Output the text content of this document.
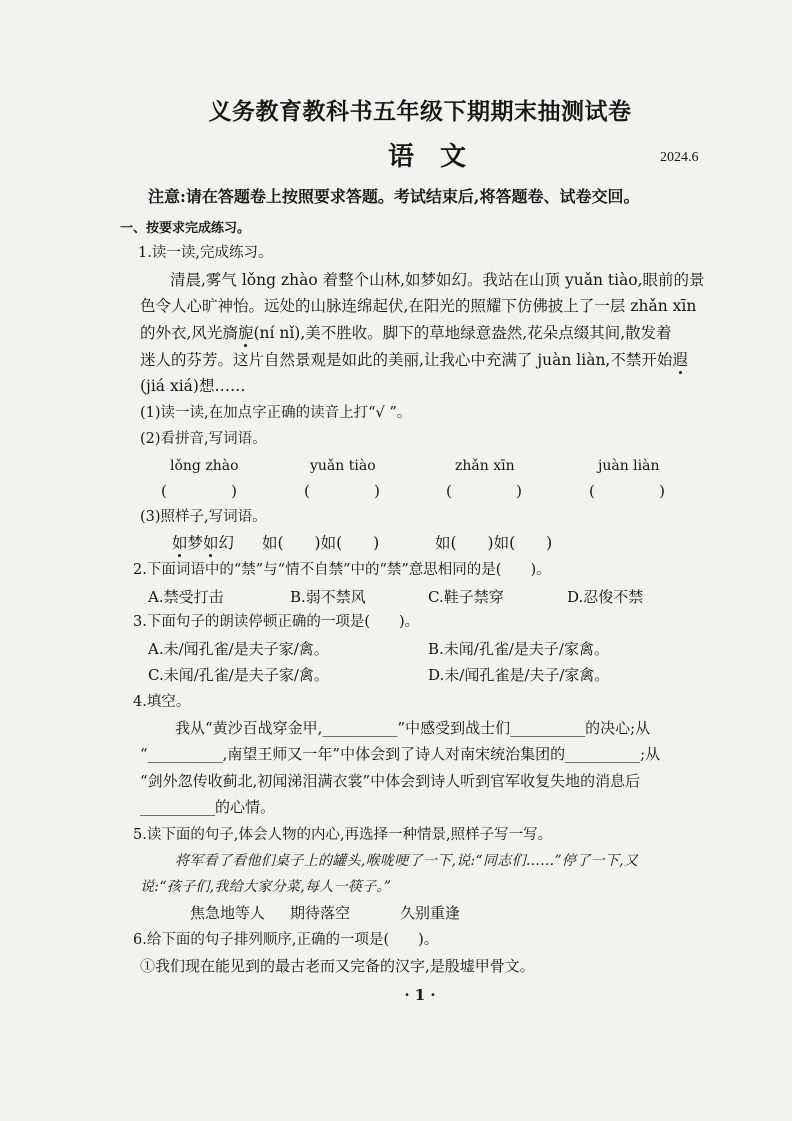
义务教育教科书五年级下期期末抽测试卷
语　文	2024.6
注意:请在答题卷上按照要求答题。考试结束后,将答题卷、试卷交回。
一、按要求完成练习。
1.读一读,完成练习。
清晨,雾气 lǒng zhào 着整个山林,如梦如幻。我站在山顶 yuǎn tiào,眼前的景
色令人心旷神怡。远处的山脉连绵起伏,在阳光的照耀下仿佛披上了一层 zhǎn xīn
的外衣,风光旖旎(ní nǐ),美不胜收。脚下的草地绿意盎然,花朵点缀其间,散发着
迷人的芬芳。这片自然景观是如此的美丽,让我心中充满了 juàn liàn,不禁开始遐
(jiá xiá)想……
(1)读一读,在加点字正确的读音上打“√ ”。
(2)看拼音,写词语。
lǒng zhào	yuǎn tiào	zhǎn xīn	juàn liàn
(	)	(	)	(	)	(	)
(3)照样子,写词语。
如梦如幻 如(　　)如(　　)	如(　　)如(　　)
2.下面词语中的“禁”与“情不自禁”中的“禁”意思相同的是(　　)。
A.禁受打击	B.弱不禁风	C.鞋子禁穿	D.忍俊不禁
3.下面句子的朗读停顿正确的一项是(　　)。
A.未/闻孔雀/是夫子家/禽。	B.未闻/孔雀/是夫子/家禽。
C.未闻/孔雀/是夫子家/禽。	D.未/闻孔雀是/夫子/家禽。
4.填空。
我从“黄沙百战穿金甲,__________”中感受到战士们__________的决心;从
“__________,南望王师又一年”中体会到了诗人对南宋统治集团的__________;从
“剑外忽传收蓟北,初闻涕泪满衣裳”中体会到诗人听到官军收复失地的消息后
__________的心情。
5.读下面的句子,体会人物的内心,再选择一种情景,照样子写一写。
将军看了看他们桌子上的罐头,喉咙哽了一下,说:“同志们……”停了一下,又
说:“孩子们,我给大家分菜,每人一筷子。”
焦急地等人 期待落空	久别重逢
6.给下面的句子排列顺序,正确的一项是(　　)。
①我们现在能见到的最古老而又完备的汉字,是殷墟甲骨文。
· 1 ·
